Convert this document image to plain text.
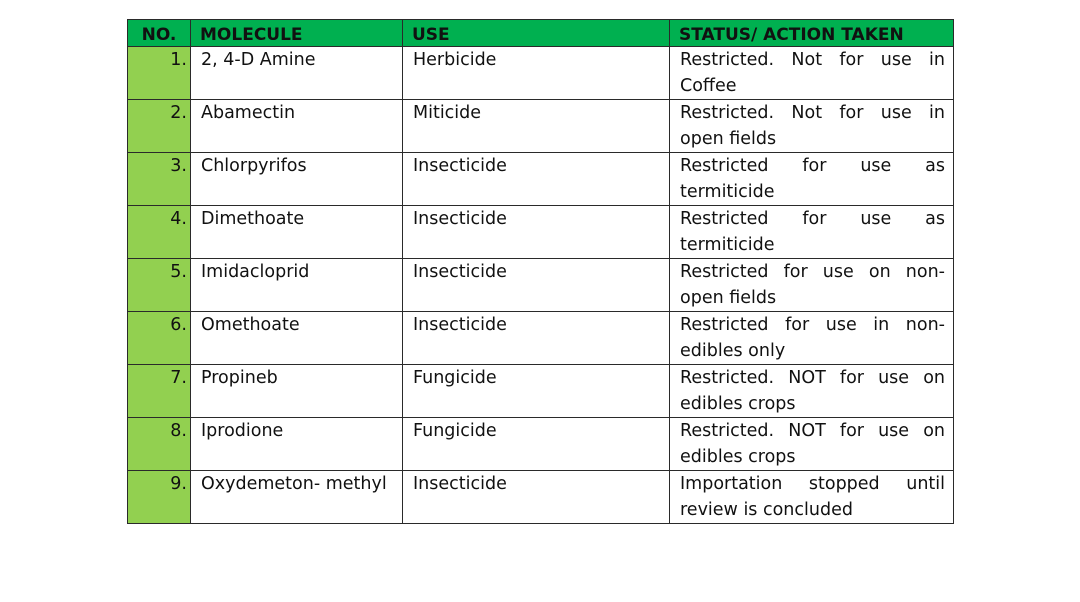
NO.	MOLECULE	USE	STATUS/ ACTION TAKEN
1.	2, 4-D Amine	Herbicide	Restricted. Not for use in
Coffee

2.	Abamectin	Miticide	Restricted. Not for use in
open fields

3.	Chlorpyrifos	Insecticide	Restricted for use as
termiticide

4.	Dimethoate	Insecticide	Restricted for use as
termiticide

5.	Imidacloprid	Insecticide	Restricted for use on non-
open fields

6.	Omethoate	Insecticide	Restricted for use in non-
edibles only

7.	Propineb	Fungicide	Restricted. NOT for use on
edibles crops

8.	Iprodione	Fungicide	Restricted. NOT for use on
edibles crops

9.	Oxydemeton- methyl	Insecticide	Importation stopped until
review is concluded
